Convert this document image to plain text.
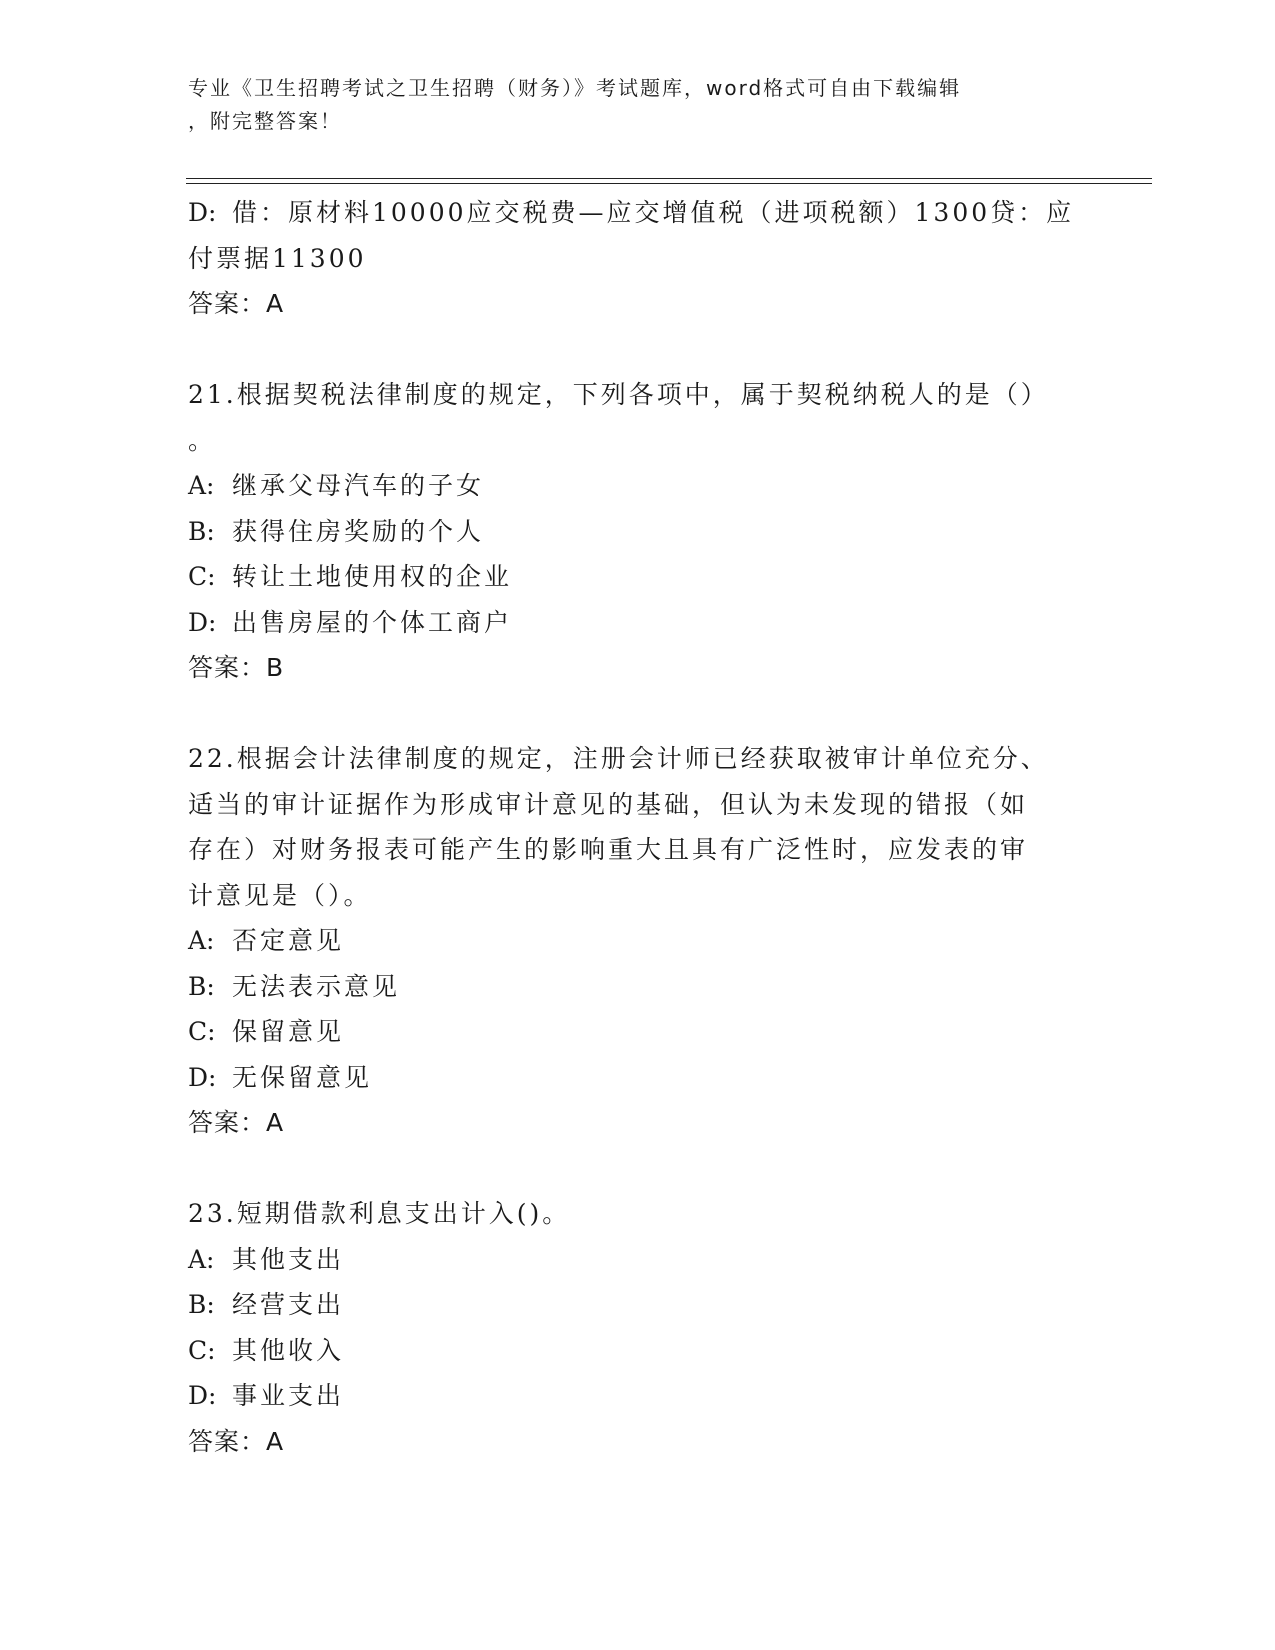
专业《卫生招聘考试之卫生招聘（财务）》考试题库，word格式可自由下载编辑
，附完整答案！
D: 借：原材料10000应交税费—应交增值税（进项税额）1300贷：应
付票据11300
答案：A
21.根据契税法律制度的规定，下列各项中，属于契税纳税人的是（）
。
A: 继承父母汽车的子女
B: 获得住房奖励的个人
C: 转让土地使用权的企业
D: 出售房屋的个体工商户
答案：B
22.根据会计法律制度的规定，注册会计师已经获取被审计单位充分、
适当的审计证据作为形成审计意见的基础，但认为未发现的错报（如
存在）对财务报表可能产生的影响重大且具有广泛性时，应发表的审
计意见是（）。
A: 否定意见
B: 无法表示意见
C: 保留意见
D: 无保留意见
答案：A
23.短期借款利息支出计入()。
A: 其他支出
B: 经营支出
C: 其他收入
D: 事业支出
答案：A
